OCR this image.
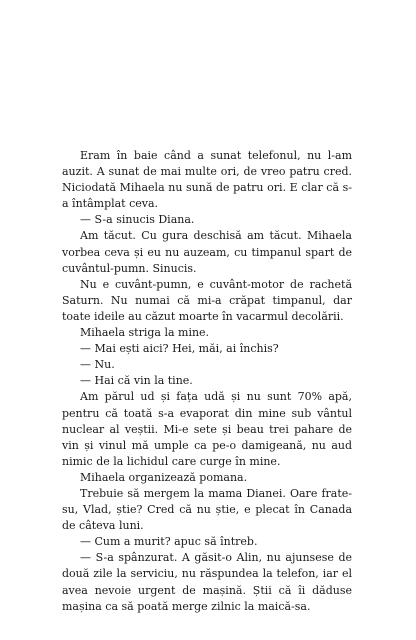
Eram în baie când a sunat telefonul, nu l-am auzit. A sunat de mai multe ori, de vreo patru cred. Niciodată Mihaela nu sună de patru ori. E clar că s-a întâmplat ceva.

— S-a sinucis Diana.

Am tăcut. Cu gura deschisă am tăcut. Mihaela vorbea ceva și eu nu auzeam, cu timpanul spart de cuvântul-pumn. Sinucis.

Nu e cuvânt-pumn, e cuvânt-motor de rachetă Saturn. Nu numai că mi-a crăpat timpanul, dar toate ideile au căzut moarte în vacarmul decolării.

Mihaela striga la mine.

— Mai ești aici? Hei, măi, ai închis?

— Nu.

— Hai că vin la tine.

Am părul ud și fața udă și nu sunt 70% apă, pentru că toată s-a evaporat din mine sub vântul nuclear al veștii. Mi-e sete și beau trei pahare de vin și vinul mă umple ca pe-o damigeană, nu aud nimic de la lichidul care curge în mine.

Mihaela organizează pomana.

Trebuie să mergem la mama Dianei. Oare frate-su, Vlad, știe? Cred că nu știe, e plecat în Canada de câteva luni.

— Cum a murit? apuc să întreb.

— S-a spânzurat. A găsit-o Alin, nu ajunsese de două zile la serviciu, nu răspundea la telefon, iar el avea nevoie urgent de mașină. Știi că îi dăduse mașina ca să poată merge zilnic la maică-sa.
